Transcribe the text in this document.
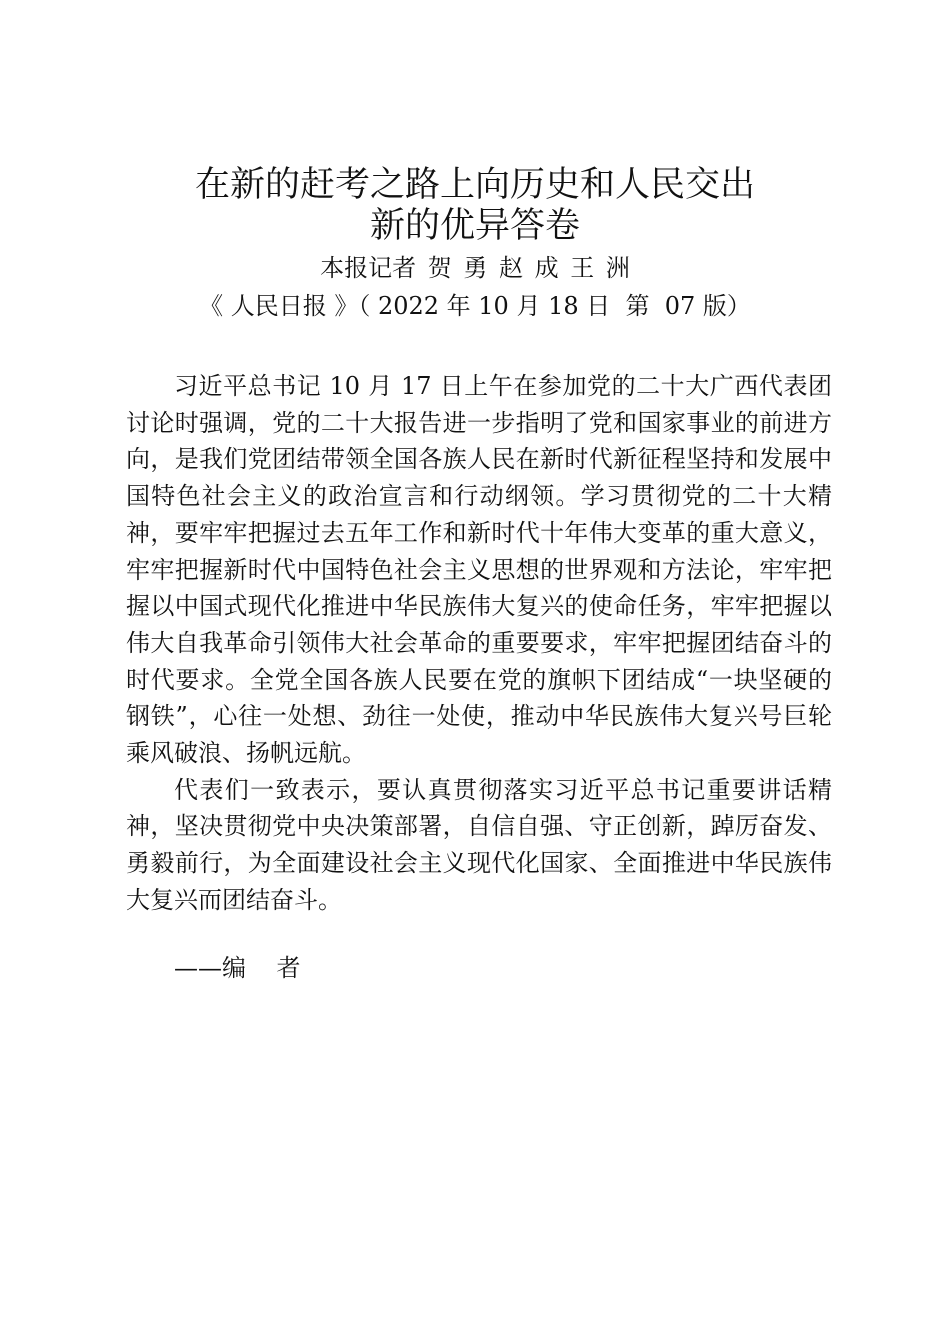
在新的赶考之路上向历史和人民交出
新的优异答卷
本报记者 贺 勇 赵 成 王 洲
《 人民日报 》（ 2022 年 10 月 18 日  第  07 版）

习近平总书记 10 月 17 日上午在参加党的二十大广西代表团讨论时强调，党的二十大报告进一步指明了党和国家事业的前进方向，是我们党团结带领全国各族人民在新时代新征程坚持和发展中国特色社会主义的政治宣言和行动纲领。学习贯彻党的二十大精神，要牢牢把握过去五年工作和新时代十年伟大变革的重大意义，牢牢把握新时代中国特色社会主义思想的世界观和方法论，牢牢把握以中国式现代化推进中华民族伟大复兴的使命任务，牢牢把握以伟大自我革命引领伟大社会革命的重要要求，牢牢把握团结奋斗的时代要求。全党全国各族人民要在党的旗帜下团结成“一块坚硬的钢铁”，心往一处想、劲往一处使，推动中华民族伟大复兴号巨轮乘风破浪、扬帆远航。

代表们一致表示，要认真贯彻落实习近平总书记重要讲话精神，坚决贯彻党中央决策部署，自信自强、守正创新，踔厉奋发、勇毅前行，为全面建设社会主义现代化国家、全面推进中华民族伟大复兴而团结奋斗。

——编    者
